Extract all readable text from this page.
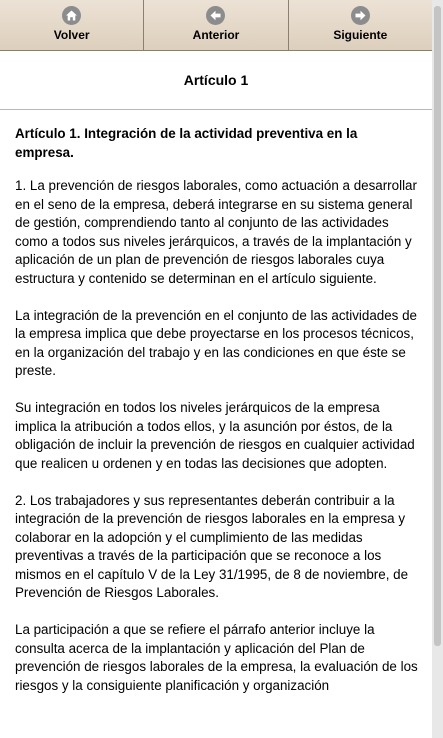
Volver	Anterior	Siguiente
Artículo 1
Artículo 1. Integración de la actividad preventiva en la empresa.

1. La prevención de riesgos laborales, como actuación a desarrollar en el seno de la empresa, deberá integrarse en su sistema general de gestión, comprendiendo tanto al conjunto de las actividades como a todos sus niveles jerárquicos, a través de la implantación y aplicación de un plan de prevención de riesgos laborales cuya estructura y contenido se determinan en el artículo siguiente.

La integración de la prevención en el conjunto de las actividades de la empresa implica que debe proyectarse en los procesos técnicos, en la organización del trabajo y en las condiciones en que éste se preste.

Su integración en todos los niveles jerárquicos de la empresa implica la atribución a todos ellos, y la asunción por éstos, de la obligación de incluir la prevención de riesgos en cualquier actividad que realicen u ordenen y en todas las decisiones que adopten.

2. Los trabajadores y sus representantes deberán contribuir a la integración de la prevención de riesgos laborales en la empresa y colaborar en la adopción y el cumplimiento de las medidas preventivas a través de la participación que se reconoce a los mismos en el capítulo V de la Ley 31/1995, de 8 de noviembre, de Prevención de Riesgos Laborales.

La participación a que se refiere el párrafo anterior incluye la consulta acerca de la implantación y aplicación del Plan de prevención de riesgos laborales de la empresa, la evaluación de los riesgos y la consiguiente planificación y organización
